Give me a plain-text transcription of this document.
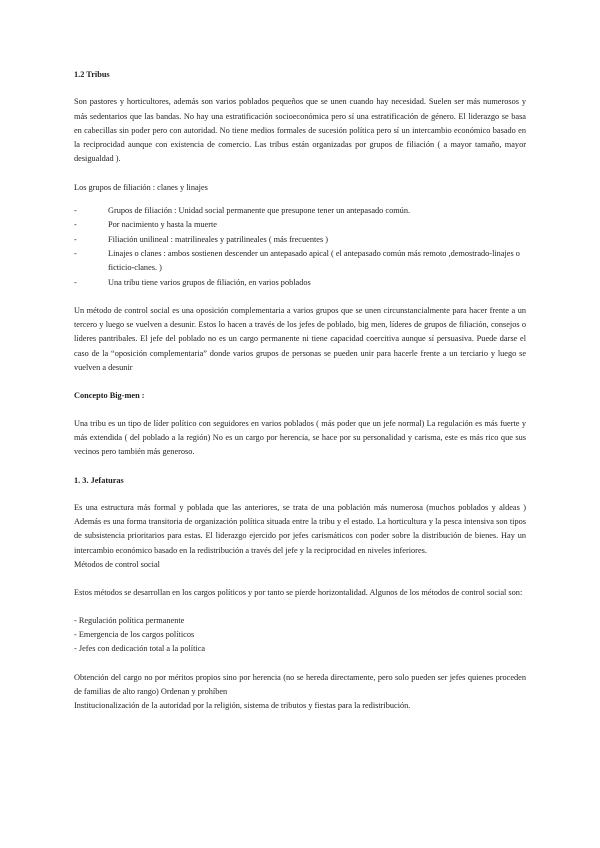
1.2 Tribus

Son pastores y horticultores, además son varios poblados pequeños que se unen cuando hay necesidad. Suelen ser más numerosos y más sedentarios que las bandas. No hay una estratificación socioeconómica pero sí una estratificación de género. El liderazgo se basa en cabecillas sin poder pero con autoridad. No tiene medios formales de sucesión política pero sí un intercambio económico basado en la reciprocidad aunque con existencia de comercio. Las tribus están organizadas por grupos de filiación ( a mayor tamaño, mayor desigualdad ).

Los grupos de filiación : clanes y linajes

- Grupos de filiación : Unidad social permanente que presupone tener un antepasado común.
- Por nacimiento y hasta la muerte
- Filiación unilineal : matrilineales y patrilineales ( más frecuentes )
- Linajes o clanes : ambos sostienen descender un antepasado apical ( el antepasado común más remoto ,demostrado-linajes o ficticio-clanes. )
- Una tribu tiene varios grupos de filiación, en varios poblados

Un método de control social es una oposición complementaria a varios grupos que se unen circunstancialmente para hacer frente a un tercero y luego se vuelven a desunir. Estos lo hacen a través de los jefes de poblado, big men, líderes de grupos de filiación, consejos o líderes pantribales. El jefe del poblado no es un cargo permanente ni tiene capacidad coercitiva aunque sí persuasiva. Puede darse el caso de la “oposición complementaria” donde varios grupos de personas se pueden unir para hacerle frente a un terciario y luego se vuelven a desunir

Concepto Big-men :

Una tribu es un tipo de líder político con seguidores en varios poblados ( más poder que un jefe normal) La regulación es más fuerte y más extendida ( del poblado a la región) No es un cargo por herencia, se hace por su personalidad y carisma, este es más rico que sus vecinos pero también más generoso.

1. 3. Jefaturas

Es una estructura más formal y poblada que las anteriores, se trata de una población más numerosa (muchos poblados y aldeas ) Además es una forma transitoria de organización política situada entre la tribu y el estado. La horticultura y la pesca intensiva son tipos de subsistencia prioritarios para estas. El liderazgo ejercido por jefes carismáticos con poder sobre la distribución de bienes. Hay un intercambio económico basado en la redistribución a través del jefe y la reciprocidad en niveles inferiores.

Métodos de control social

Estos métodos se desarrollan en los cargos políticos y por tanto se pierde horizontalidad. Algunos de los métodos de control social son:

- Regulación política permanente

- Emergencia de los cargos políticos

- Jefes con dedicación total a la política

Obtención del cargo no por méritos propios sino por herencia (no se hereda directamente, pero solo pueden ser jefes quienes proceden de familias de alto rango) Ordenan y prohíben

Institucionalización de la autoridad por la religión, sistema de tributos y fiestas para la redistribución.
